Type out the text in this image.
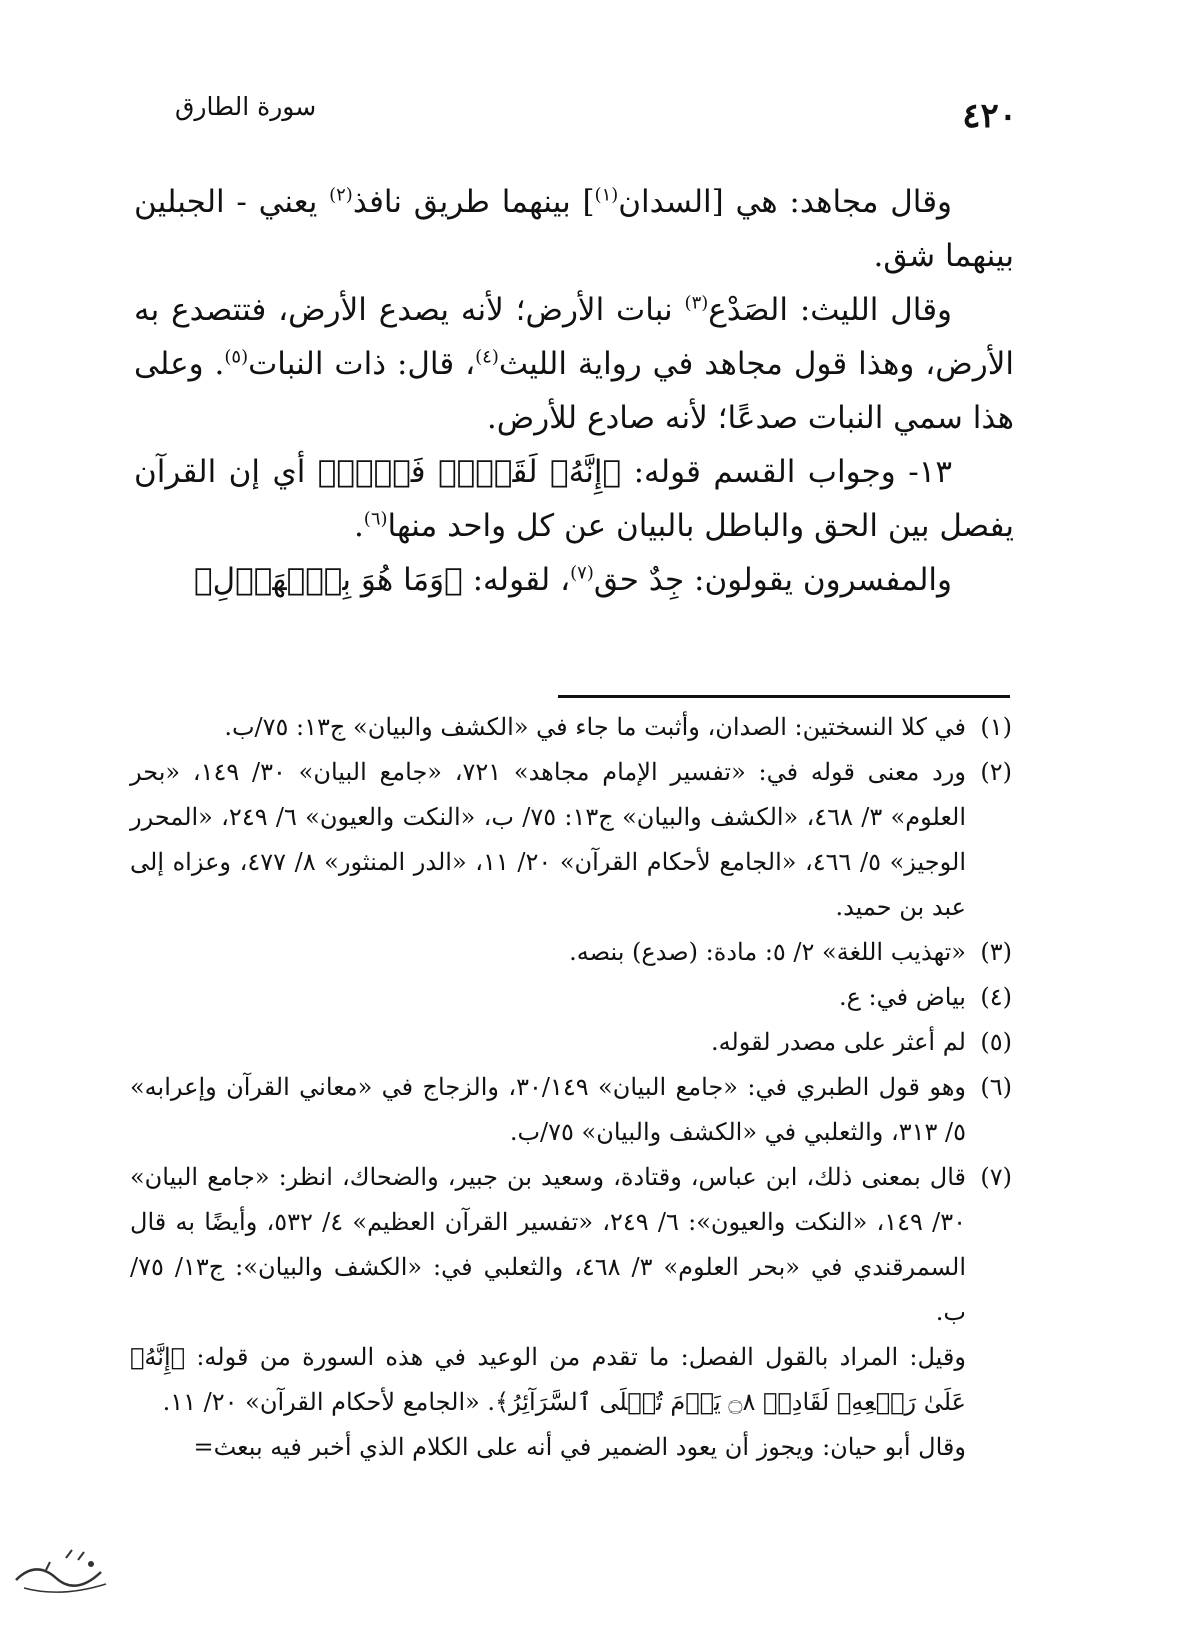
سورة الطارق	٤٢٠

وقال مجاهد: هي [السدان$^{(١)}$] بينهما طريق نافذ$^{(٢)}$ يعني - الجبلين بينهما شق.

وقال الليث: الصَدْع$^{(٣)}$ نبات الأرض؛ لأنه يصدع الأرض، فتتصدع به الأرض، وهذا قول مجاهد في رواية الليث$^{(٤)}$، قال: ذات النبات$^{(٥)}$. وعلى هذا سمي النبات صدعًا؛ لأنه صادع للأرض.

١٣- وجواب القسم قوله: ﴿إِنَّهُۥ لَقَوۡلٞ فَصۡلٞ﴾ أي إن القرآن يفصل بين الحق والباطل بالبيان عن كل واحد منها$^{(٦)}$.

والمفسرون يقولون: جِدٌ حق$^{(٧)}$، لقوله: ﴿وَمَا هُوَ بِٱلۡهَزۡلِ﴾

(١)
في كلا النسختين: الصدان، وأثبت ما جاء في «الكشف والبيان» ج١٣: ٧٥/ب.
(٢)
ورد معنى قوله في: «تفسير الإمام مجاهد» ٧٢١، «جامع البيان» ٣٠/ ١٤٩، «بحر العلوم» ٣/ ٤٦٨، «الكشف والبيان» ج١٣: ٧٥/ ب، «النكت والعيون» ٦/ ٢٤٩، «المحرر الوجيز» ٥/ ٤٦٦، «الجامع لأحكام القرآن» ٢٠/ ١١، «الدر المنثور» ٨/ ٤٧٧، وعزاه إلى عبد بن حميد.
(٣)
«تهذيب اللغة» ٢/ ٥: مادة: (صدع) بنصه.
(٤)
بياض في: ع.
(٥)
لم أعثر على مصدر لقوله.
(٦)
وهو قول الطبري في: «جامع البيان» ٣٠/١٤٩، والزجاج في «معاني القرآن وإعرابه» ٥/ ٣١٣، والثعلبي في «الكشف والبيان» ٧٥/ب.
(٧)
قال بمعنى ذلك، ابن عباس، وقتادة، وسعيد بن جبير، والضحاك، انظر: «جامع البيان» ٣٠/ ١٤٩، «النكت والعيون»: ٦/ ٢٤٩، «تفسير القرآن العظيم» ٤/ ٥٣٢، وأيضًا به قال السمرقندي في «بحر العلوم» ٣/ ٤٦٨، والثعلبي في: «الكشف والبيان»: ج١٣/ ٧٥/ ب.

وقيل: المراد بالقول الفصل: ما تقدم من الوعيد في هذه السورة من قوله: ﴿إِنَّهُۥ عَلَىٰ رَجۡعِهِۦ لَقَادِرٞ ۝٨ يَوۡمَ تُبۡلَى ٱلسَّرَآئِرُ﴾. «الجامع لأحكام القرآن» ٢٠/ ١١.

وقال أبو حيان: ويجوز أن يعود الضمير في أنه على الكلام الذي أخبر فيه ببعث=
